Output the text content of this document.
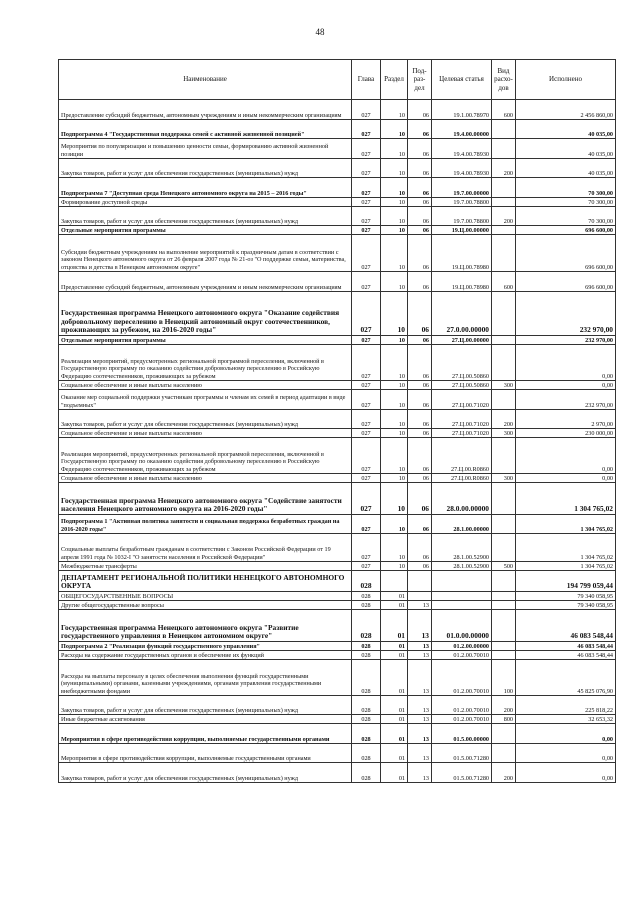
48
Наименование	Глава	Раздел	Под-раз-дел	Целевая статья	Вид расхо-дов	Исполнено
Предоставление субсидий бюджетным, автономным учреждениям и иным некоммерческим организациям	027	10	06	19.1.00.78970	600	2 456 860,00
Подпрограмма 4 "Государственная поддержка семей с активной жизненной позицией"	027	10	06	19.4.00.00000		40 035,00
Мероприятия по популяризации и повышению ценности семьи, формированию активной жизненной позиции	027	10	06	19.4.00.78930		40 035,00
Закупка товаров, работ и услуг для обеспечения государственных (муниципальных) нужд	027	10	06	19.4.00.78930	200	40 035,00
Подпрограмма 7 "Доступная среда Ненецкого автономного округа на 2015 – 2016 годы"	027	10	06	19.7.00.00000		70 300,00
Формирование доступной среды	027	10	06	19.7.00.78800		70 300,00
Закупка товаров, работ и услуг для обеспечения государственных (муниципальных) нужд	027	10	06	19.7.00.78800	200	70 300,00
Отдельные мероприятия программы	027	10	06	19.Ц.00.00000		696 600,00
Субсидии бюджетным учреждениям на выполнение мероприятий к праздничным датам в соответствии с законом Ненецкого автономного округа от 26 февраля 2007 года № 21-оз "О поддержке семьи, материнства, отцовства и детства в Ненецком автономном округе"	027	10	06	19.Ц.00.78980		696 600,00
Предоставление субсидий бюджетным, автономным учреждениям и иным некоммерческим организациям	027	10	06	19.Ц.00.78980	600	696 600,00
Государственная программа Ненецкого автономного округа "Оказание содействия добровольному переселению в Ненецкий автономный округ соотечественников, проживающих за рубежом, на 2016-2020 годы"	027	10	06	27.0.00.00000		232 970,00
Отдельные мероприятия программы	027	10	06	27.Ц.00.00000		232 970,00
Реализация мероприятий, предусмотренных региональной программой переселения, включенной в Государственную программу по оказанию содействия добровольному переселению в Российскую Федерацию соотечественников, проживающих за рубежом	027	10	06	27.Ц.00.50860		0,00
Социальное обеспечение и иные выплаты населению	027	10	06	27.Ц.00.50860	300	0,00
Оказание мер социальной поддержки участникам программы и членам их семей в период адаптации в виде "подъемных"	027	10	06	27.Ц.00.71020		232 970,00
Закупка товаров, работ и услуг для обеспечения государственных (муниципальных) нужд	027	10	06	27.Ц.00.71020	200	2 970,00
Социальное обеспечение и иные выплаты населению	027	10	06	27.Ц.00.71020	300	230 000,00
Реализация мероприятий, предусмотренных региональной программой переселения, включенной в Государственную программу по оказанию содействия добровольному переселению в Российскую Федерацию соотечественников, проживающих за рубежом	027	10	06	27.Ц.00.R0860		0,00
Социальное обеспечение и иные выплаты населению	027	10	06	27.Ц.00.R0860	300	0,00
Государственная программа Ненецкого автономного округа "Содействие занятости населения Ненецкого автономного округа на 2016-2020 годы"	027	10	06	28.0.00.00000		1 304 765,02
Подпрограмма 1 "Активная политика занятости и социальная поддержка безработных граждан на 2016-2020 годы"	027	10	06	28.1.00.00000		1 304 765,02
Социальные выплаты безработным гражданам в соответствии с Законом Российской Федерации от 19 апреля 1991 года № 1032-I "О занятости населения в Российской Федерации"	027	10	06	28.1.00.52900		1 304 765,02
Межбюджетные трансферты	027	10	06	28.1.00.52900	500	1 304 765,02
ДЕПАРТАМЕНТ РЕГИОНАЛЬНОЙ ПОЛИТИКИ НЕНЕЦКОГО АВТОНОМНОГО ОКРУГА	028					194 799 059,44
ОБЩЕГОСУДАРСТВЕННЫЕ ВОПРОСЫ	028	01				79 340 058,95
Другие общегосударственные вопросы	028	01	13			79 340 058,95
Государственная программа Ненецкого автономного округа "Развитие государственного управления в Ненецком автономном округе"	028	01	13	01.0.00.00000		46 083 548,44
Подпрограмма 2 "Реализация функций государственного управления"	028	01	13	01.2.00.00000		46 083 548,44
Расходы на содержание государственных органов и обеспечение их функций	028	01	13	01.2.00.70010		46 083 548,44
Расходы на выплаты персоналу в целях обеспечения выполнения функций государственными (муниципальными) органами, казенными учреждениями, органами управления государственными внебюджетными фондами	028	01	13	01.2.00.70010	100	45 825 076,90
Закупка товаров, работ и услуг для обеспечения государственных (муниципальных) нужд	028	01	13	01.2.00.70010	200	225 818,22
Иные бюджетные ассигнования	028	01	13	01.2.00.70010	800	32 653,32
Мероприятия в сфере противодействия коррупции, выполняемые государственными органами	028	01	13	01.5.00.00000		0,00
Мероприятия в сфере противодействия коррупции, выполняемые государственными органами	028	01	13	01.5.00.71280		0,00
Закупка товаров, работ и услуг для обеспечения государственных (муниципальных) нужд	028	01	13	01.5.00.71280	200	0,00
